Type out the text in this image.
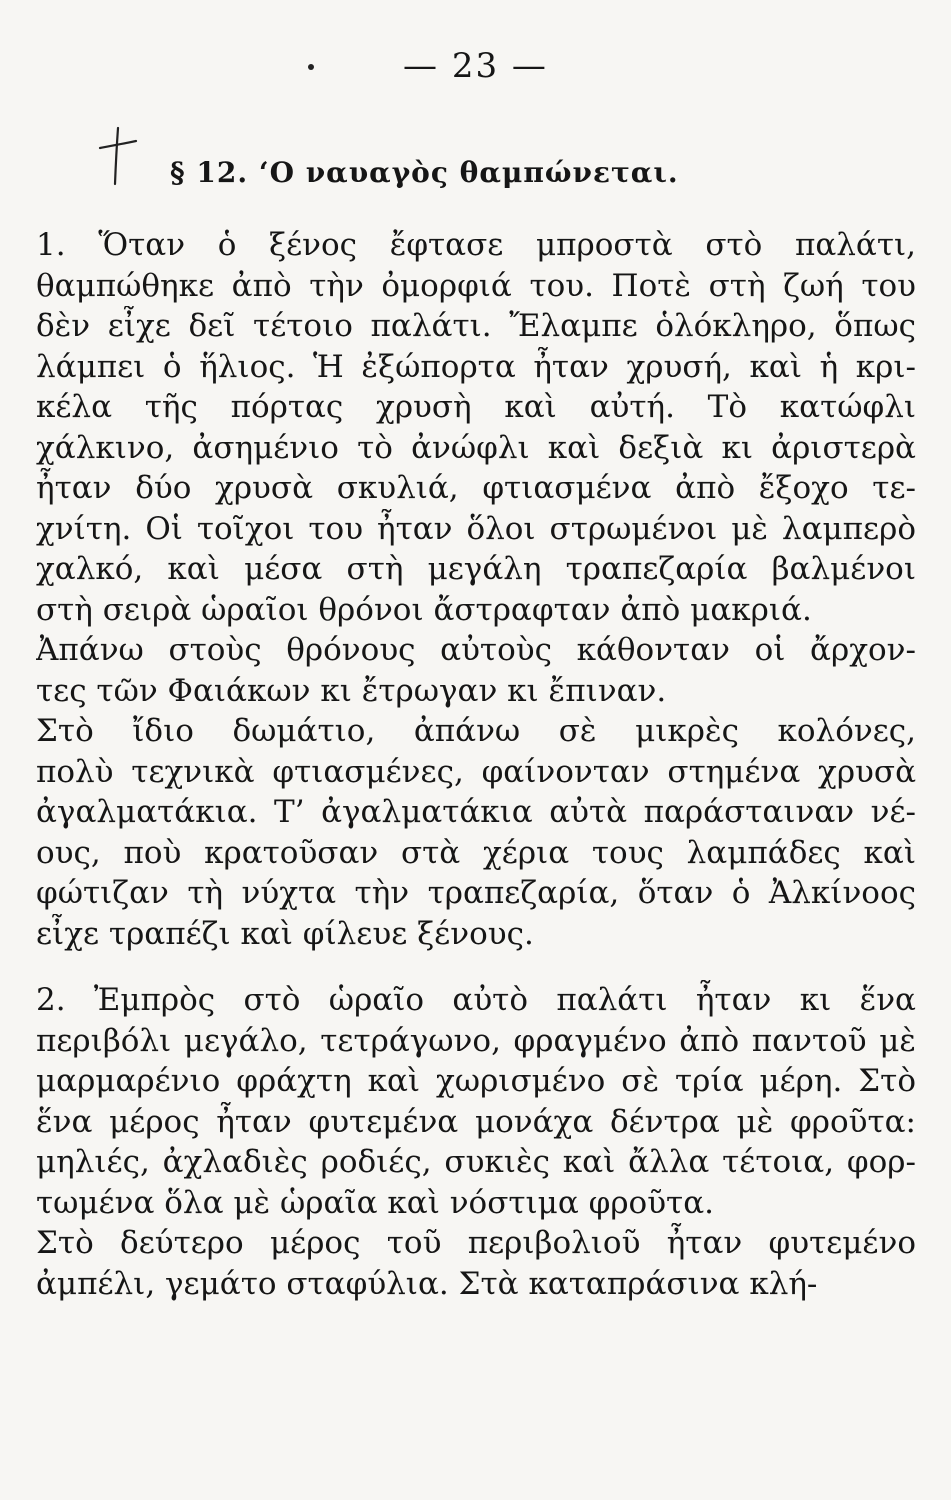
— 23 —
§ 12. ‘Ο ναυαγὸς θαμπώνεται.
1. Ὅταν ὁ ξένος ἔφτασε μπροστὰ στὸ παλάτι,
θαμπώθηκε ἀπὸ τὴν ὀμορφιά του. Ποτὲ στὴ ζωή του
δὲν εἶχε δεῖ τέτοιο παλάτι. Ἔλαμπε ὁλόκληρο, ὅπως
λάμπει ὁ ἥλιος. Ἡ ἐξώπορτα ἦταν χρυσή, καὶ ἡ κρι-
κέλα τῆς πόρτας χρυσὴ καὶ αὐτή. Τὸ κατώφλι
χάλκινο, ἀσημένιο τὸ ἀνώφλι καὶ δεξιὰ κι ἀριστερὰ
ἦταν δύο χρυσὰ σκυλιά, φτιασμένα ἀπὸ ἔξοχο τε-
χνίτη. Οἱ τοῖχοι του ἦταν ὅλοι στρωμένοι μὲ λαμπερὸ
χαλκό, καὶ μέσα στὴ μεγάλη τραπεζαρία βαλμένοι
στὴ σειρὰ ὡραῖοι θρόνοι ἄστραφταν ἀπὸ μακριά.
Ἀπάνω στοὺς θρόνους αὐτοὺς κάθονταν οἱ ἄρχον-
τες τῶν Φαιάκων κι ἔτρωγαν κι ἔπιναν.
Στὸ ἴδιο δωμάτιο, ἀπάνω σὲ μικρὲς κολόνες,
πολὺ τεχνικὰ φτιασμένες, φαίνονταν στημένα χρυσὰ
ἀγαλματάκια. Τ’ ἀγαλματάκια αὐτὰ παράσταιναν νέ-
ους, ποὺ κρατοῦσαν στὰ χέρια τους λαμπάδες καὶ
φώτιζαν τὴ νύχτα τὴν τραπεζαρία, ὅταν ὁ Ἀλκίνοος
εἶχε τραπέζι καὶ φίλευε ξένους.
2. Ἐμπρὸς στὸ ὡραῖο αὐτὸ παλάτι ἦταν κι ἕνα
περιβόλι μεγάλο, τετράγωνο, φραγμένο ἀπὸ παντοῦ μὲ
μαρμαρένιο φράχτη καὶ χωρισμένο σὲ τρία μέρη. Στὸ
ἕνα μέρος ἦταν φυτεμένα μονάχα δέντρα μὲ φροῦτα:
μηλιές, ἀχλαδιὲς ροδιές, συκιὲς καὶ ἄλλα τέτοια, φορ-
τωμένα ὅλα μὲ ὡραῖα καὶ νόστιμα φροῦτα.
Στὸ δεύτερο μέρος τοῦ περιβολιοῦ ἦταν φυτεμένο
ἀμπέλι, γεμάτο σταφύλια. Στὰ καταπράσινα κλή-
